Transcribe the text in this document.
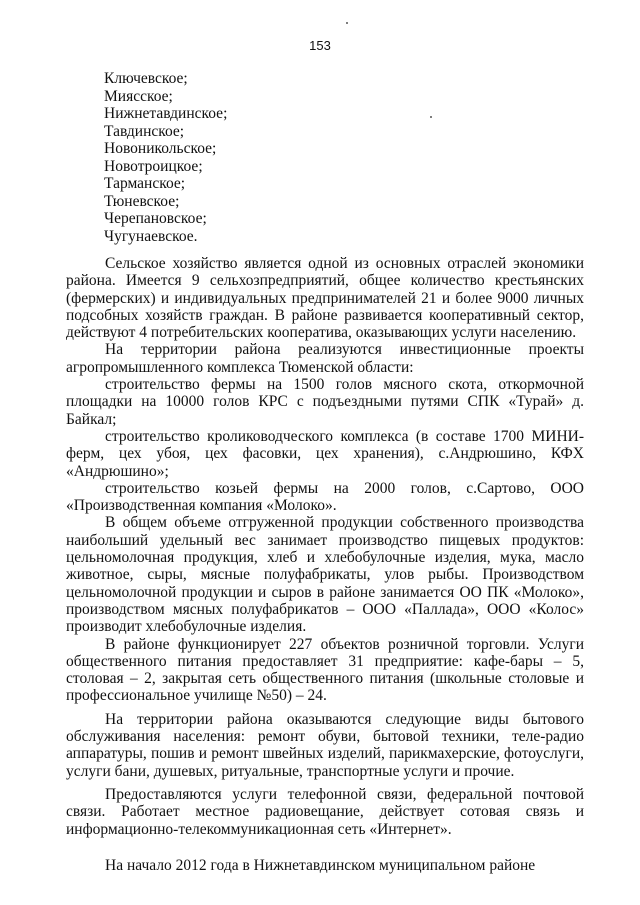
153
Ключевское;
Миясское;
Нижнетавдинское;
Тавдинское;
Новоникольское;
Новотроицкое;
Тарманское;
Тюневское;
Черепановское;
Чугунаевское.

Сельское хозяйство является одной из основных отраслей экономики района. Имеется 9 сельхозпредприятий, общее количество крестьянских (фермерских) и индивидуальных предпринимателей 21 и более 9000 личных подсобных хозяйств граждан. В районе развивается кооперативный сектор, действуют 4 потребительских кооператива, оказывающих услуги населению.

На территории района реализуются инвестиционные проекты агропромышленного комплекса Тюменской области:

строительство фермы на 1500 голов мясного скота, откормочной площадки на 10000 голов КРС с подъездными путями СПК «Турай» д. Байкал;

строительство кролиководческого комплекса (в составе 1700 МИНИ-ферм, цех убоя, цех фасовки, цех хранения), с.Андрюшино, КФХ «Андрюшино»;

строительство козьей фермы на 2000 голов, с.Сартово, ООО «Производственная компания «Молоко».

В общем объеме отгруженной продукции собственного производства наибольший удельный вес занимает производство пищевых продуктов: цельномолочная продукция, хлеб и хлебобулочные изделия, мука, масло животное, сыры, мясные полуфабрикаты, улов рыбы. Производством цельномолочной продукции и сыров в районе занимается ОО ПК «Молоко», производством мясных полуфабрикатов – ООО «Паллада», ООО «Колос» производит хлебобулочные изделия.

В районе функционирует 227 объектов розничной торговли. Услуги общественного питания предоставляет 31 предприятие: кафе-бары – 5, столовая – 2, закрытая сеть общественного питания (школьные столовые и профессиональное училище №50) – 24.

На территории района оказываются следующие виды бытового обслуживания населения: ремонт обуви, бытовой техники, теле-радио аппаратуры, пошив и ремонт швейных изделий, парикмахерские, фотоуслуги, услуги бани, душевых, ритуальные, транспортные услуги и прочие.

Предоставляются услуги телефонной связи, федеральной почтовой связи. Работает местное радиовещание, действует сотовая связь и информационно-телекоммуникационная сеть «Интернет».

На начало 2012 года в Нижнетавдинском муниципальном районе
